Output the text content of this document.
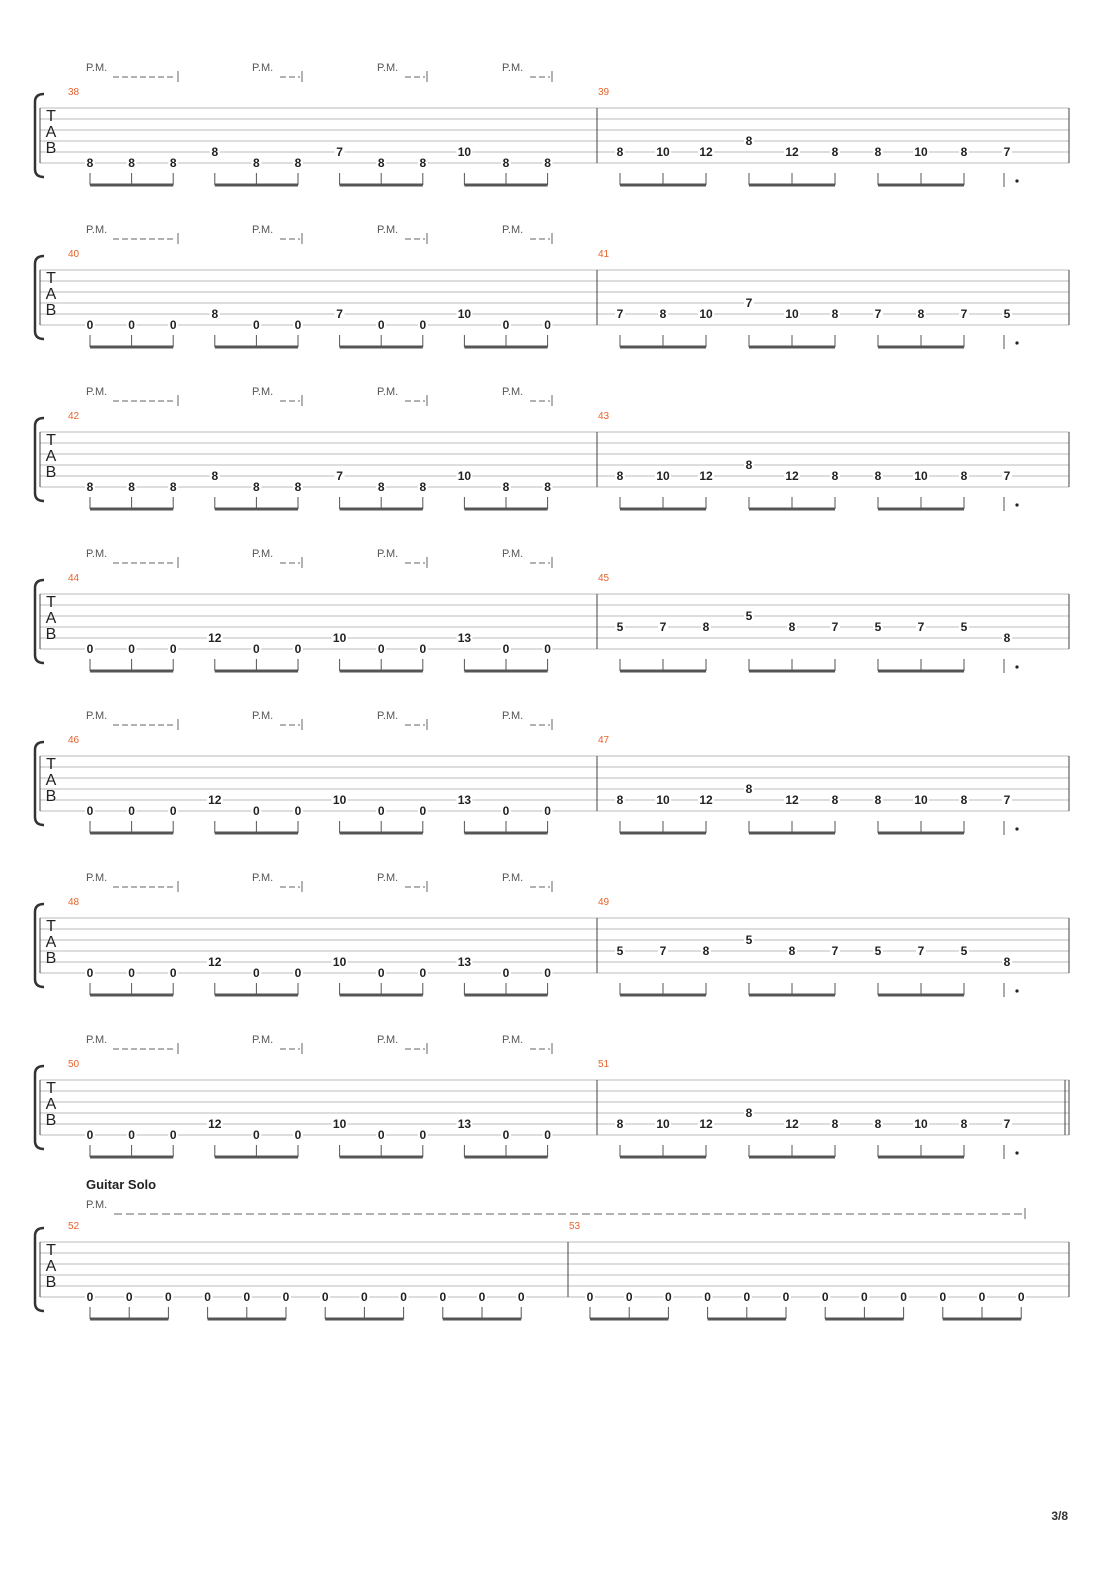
P.M.	P.M.	P.M.	P.M.
T
A
B
38
8	8	8
8
8	8
7
8	8
10
8	8
39
8	10 12
8
12	8	8	10	8	7
P.M.	P.M.	P.M.	P.M.
T
A
B
40
0	0	0
8
0	0
7
0	0
10
0	0
41
7	8	10
7
10	8	7	8	7	5
P.M.	P.M.	P.M.	P.M.
T
A
B
42
8	8	8
8
8	8
7
8	8
10
8	8
43
8	10 12
8
12	8	8	10	8	7
P.M.	P.M.	P.M.	P.M.
T
A
B
44
0	0	0
12
0	0
10
0	0
13
0	0
45
5	7	8
5
8	7	5	7	5
8
P.M.	P.M.	P.M.	P.M.
T
A
B
46
0	0	0
12
0	0
10
0	0
13
0	0
47
8	10 12
8
12	8	8	10	8	7
P.M.	P.M.	P.M.	P.M.
T
A
B
48
0	0	0
12
0	0
10
0	0
13
0	0
49
5	7	8
5
8	7	5	7	5
8
P.M.	P.M.	P.M.	P.M.
T
A
B
50
0	0	0
12
0	0
10
0	0
13
0	0
51
8	10 12
8
12	8	8	10	8	7
Guitar Solo
P.M.
T
A
B
52
0	0	0	0	0	0	0	0	0	0	0	0
53
0	0	0	0	0	0	0	0	0	0	0	0
3/8
